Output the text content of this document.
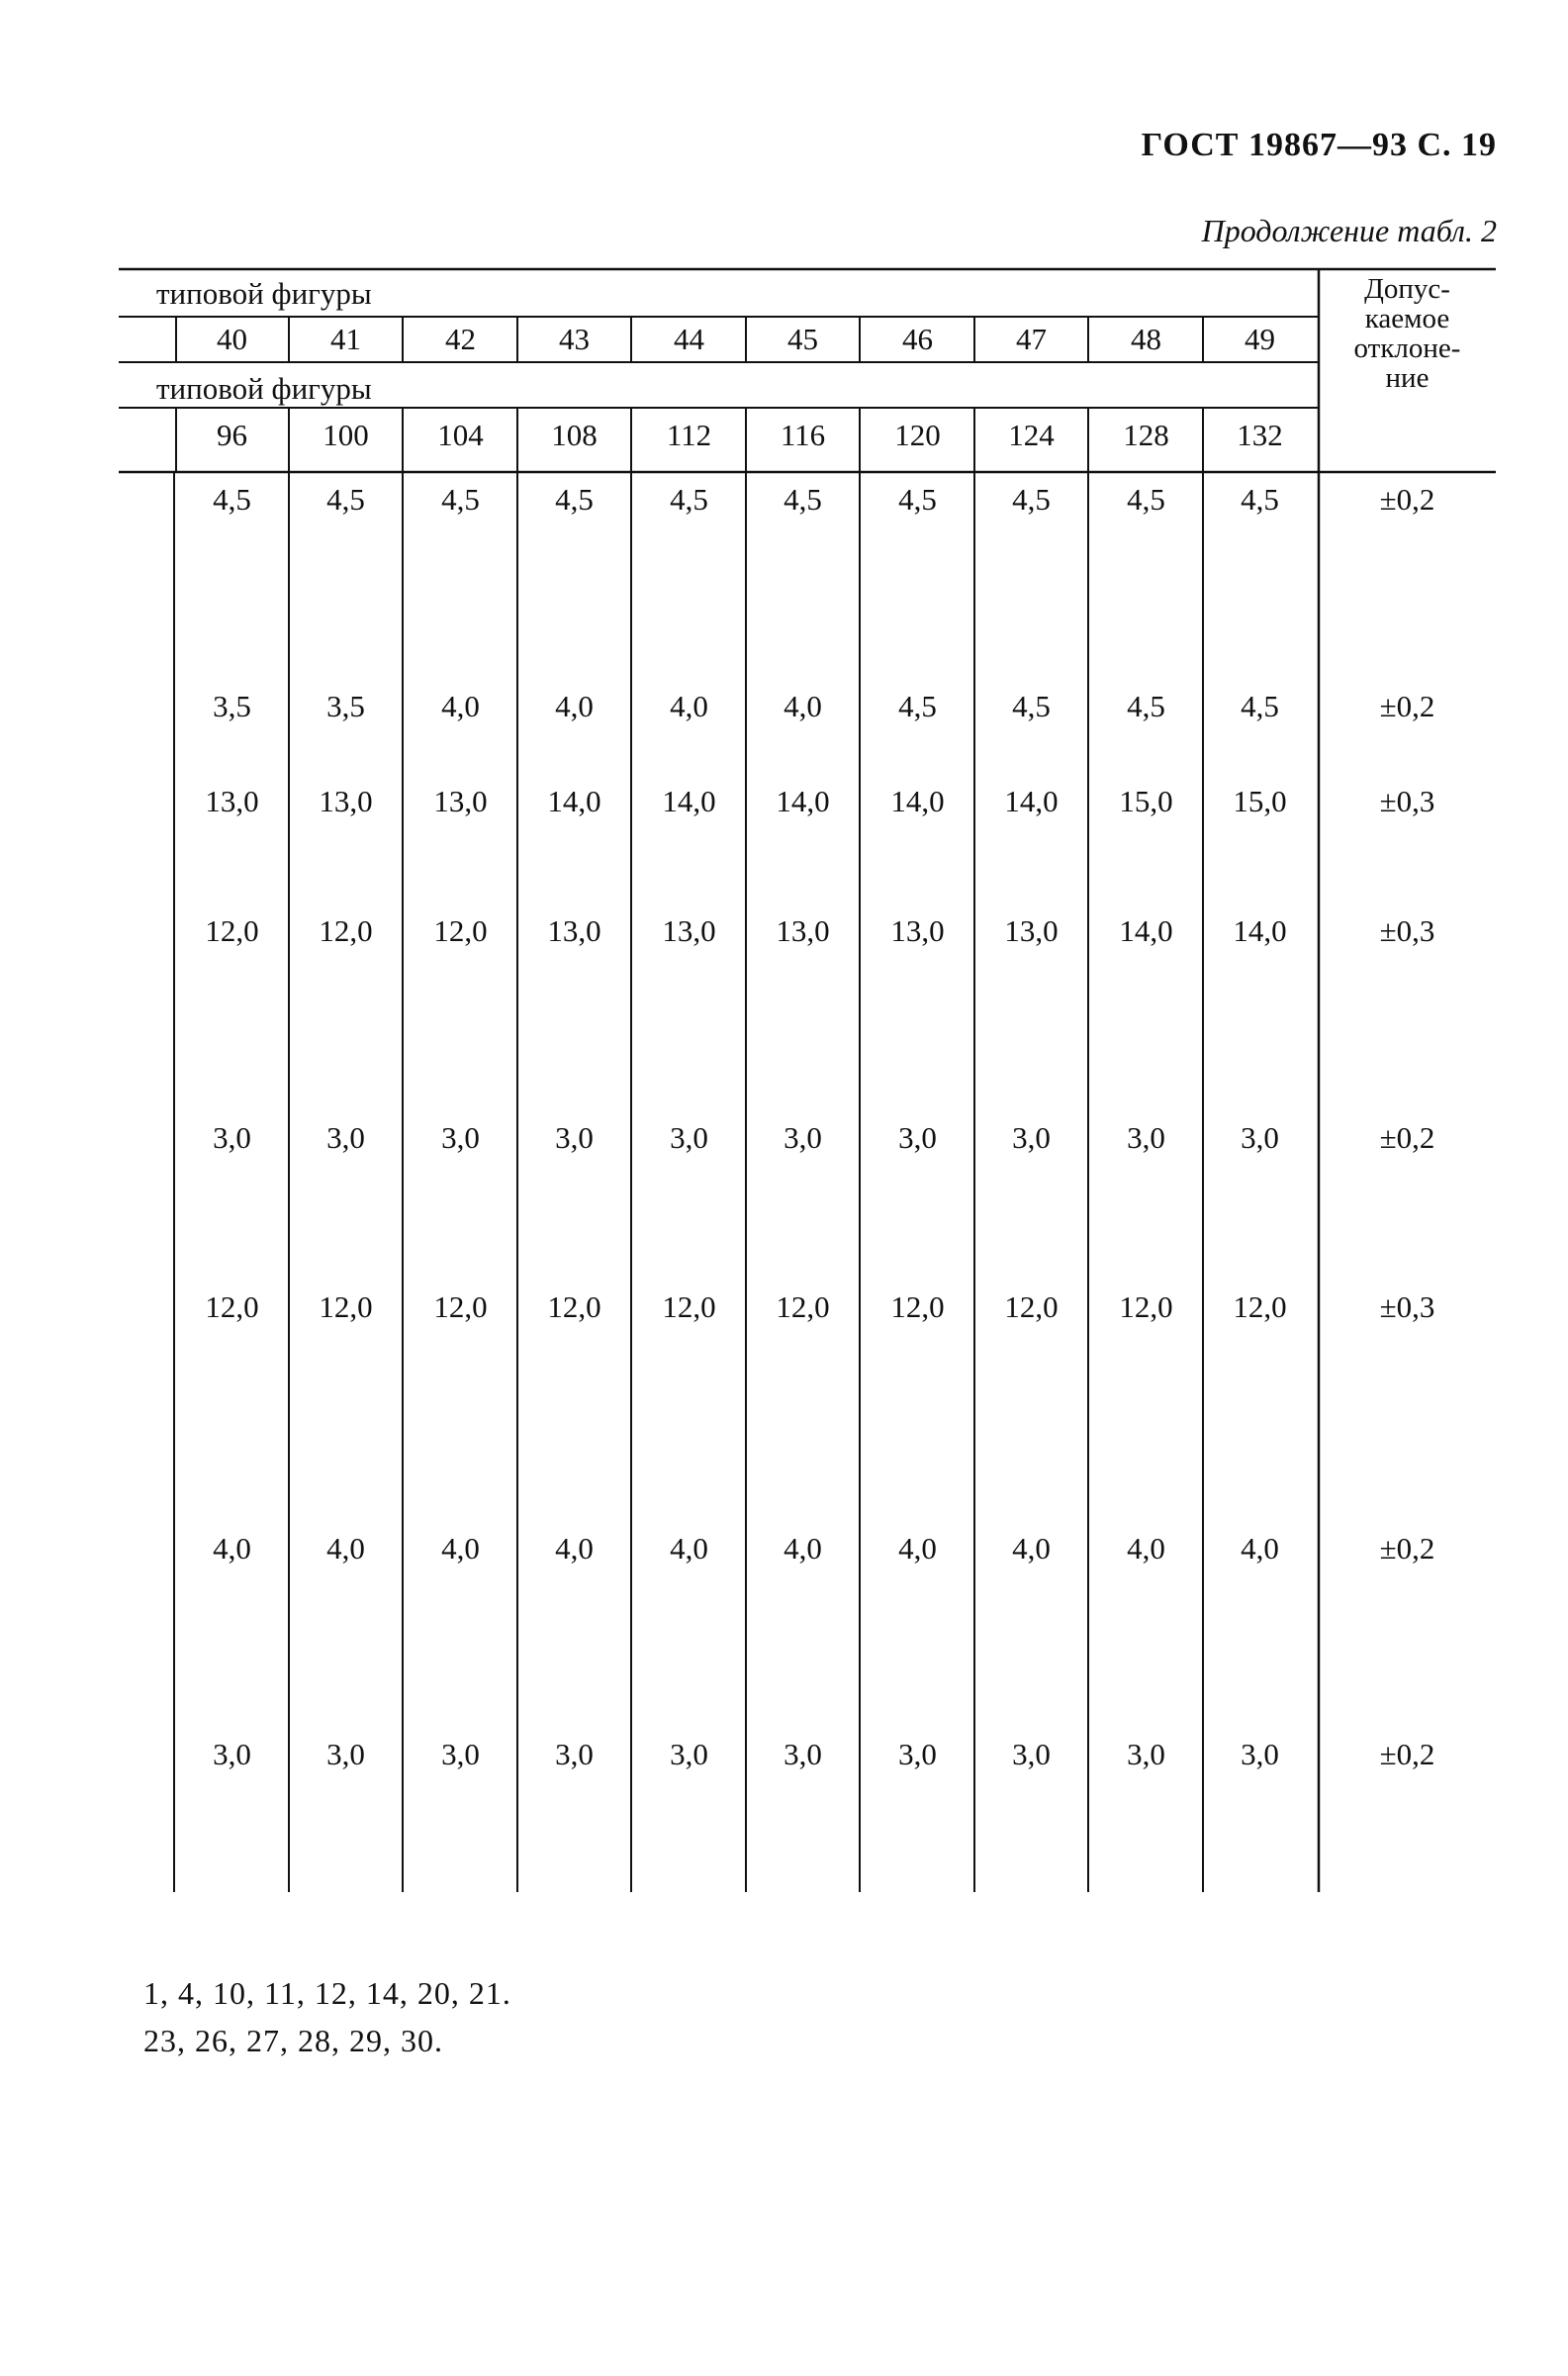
ГОСТ 19867—93 С. 19
Продолжение табл. 2
типовой фигуры
типовой фигуры
Допус-
каемое
отклоне-
ние
40	41	42	43	44	45	46	47	48	49
96	100	104	108	112	116	120	124	128	132
4,5	4,5	4,5	4,5	4,5	4,5	4,5	4,5	4,5	4,5	±0,2
3,5	3,5	4,0	4,0	4,0	4,0	4,5	4,5	4,5	4,5	±0,2
13,0	13,0	13,0	14,0	14,0	14,0	14,0	14,0	15,0	15,0	±0,3
12,0	12,0	12,0	13,0	13,0	13,0	13,0	13,0	14,0	14,0	±0,3
3,0	3,0	3,0	3,0	3,0	3,0	3,0	3,0	3,0	3,0	±0,2
12,0	12,0	12,0	12,0	12,0	12,0	12,0	12,0	12,0	12,0	±0,3
4,0	4,0	4,0	4,0	4,0	4,0	4,0	4,0	4,0	4,0	±0,2
3,0	3,0	3,0	3,0	3,0	3,0	3,0	3,0	3,0	3,0	±0,2
1, 4, 10, 11, 12, 14, 20, 21.
23, 26, 27, 28, 29, 30.
